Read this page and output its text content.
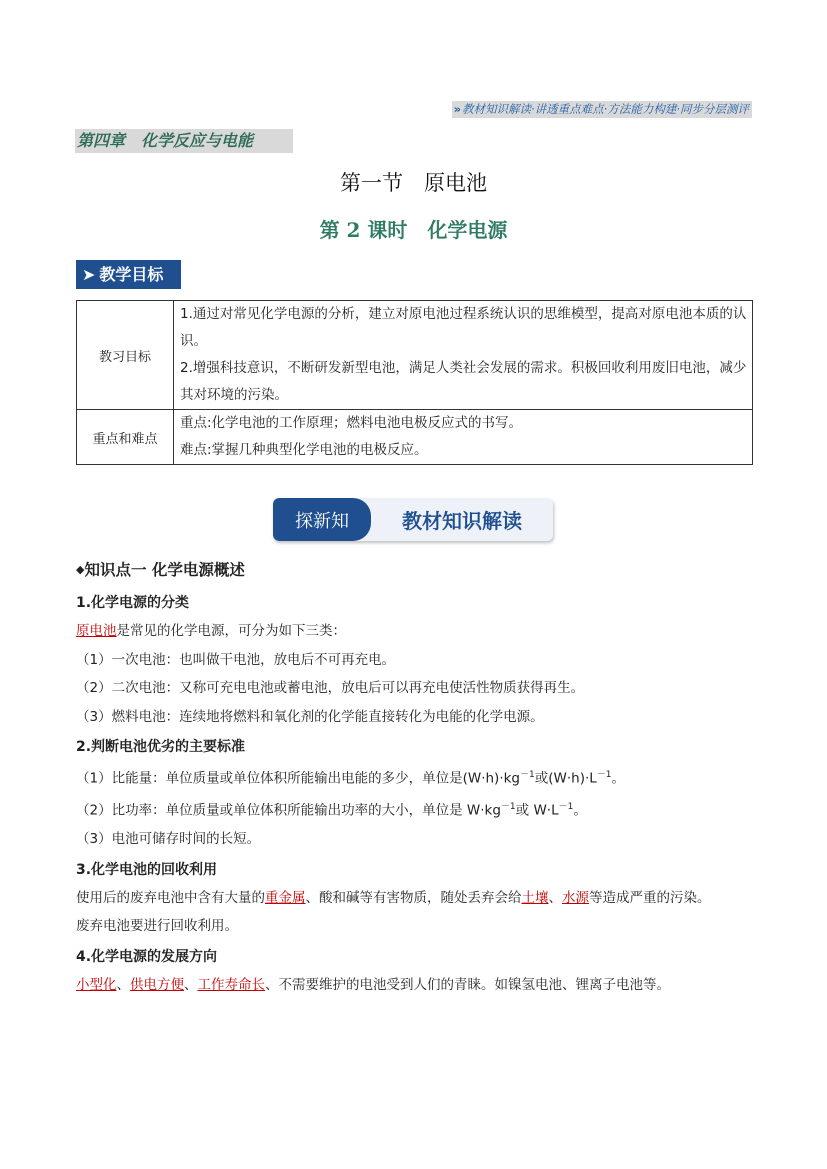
»教材知识解读·讲透重点难点·方法能力构建·同步分层测评
第四章　化学反应与电能
第一节　原电池
第 2 课时　化学电源
➤ 教学目标
教习目标	1.通过对常见化学电源的分析，建立对原电池过程系统认识的思维模型，提高对原电池本质的认识。
2.增强科技意识，不断研发新型电池，满足人类社会发展的需求。积极回收利用废旧电池，减少其对环境的污染。

重点和难点	重点:化学电池的工作原理；燃料电池电极反应式的书写。
难点:掌握几种典型化学电池的电极反应。
探新知	教材知识解读
◆知识点一 化学电源概述
1.化学电源的分类
原电池是常见的化学电源，可分为如下三类：
（1）一次电池：也叫做干电池，放电后不可再充电。
（2）二次电池：又称可充电电池或蓄电池，放电后可以再充电使活性物质获得再生。
（3）燃料电池：连续地将燃料和氧化剂的化学能直接转化为电能的化学电源。
2.判断电池优劣的主要标准
（1）比能量：单位质量或单位体积所能输出电能的多少，单位是$(W\cdot h)\cdot kg^{-1}$或$(W\cdot h)\cdot L^{-1}$。
（2）比功率：单位质量或单位体积所能输出功率的大小，单位是 $W\cdot kg^{-1}$或 $W\cdot L^{-1}$。
（3）电池可储存时间的长短。
3.化学电池的回收利用
使用后的废弃电池中含有大量的重金属、酸和碱等有害物质，随处丢弃会给土壤、水源等造成严重的污染。
废弃电池要进行回收利用。
4.化学电源的发展方向
小型化、供电方便、工作寿命长、不需要维护的电池受到人们的青睐。如镍氢电池、锂离子电池等。
